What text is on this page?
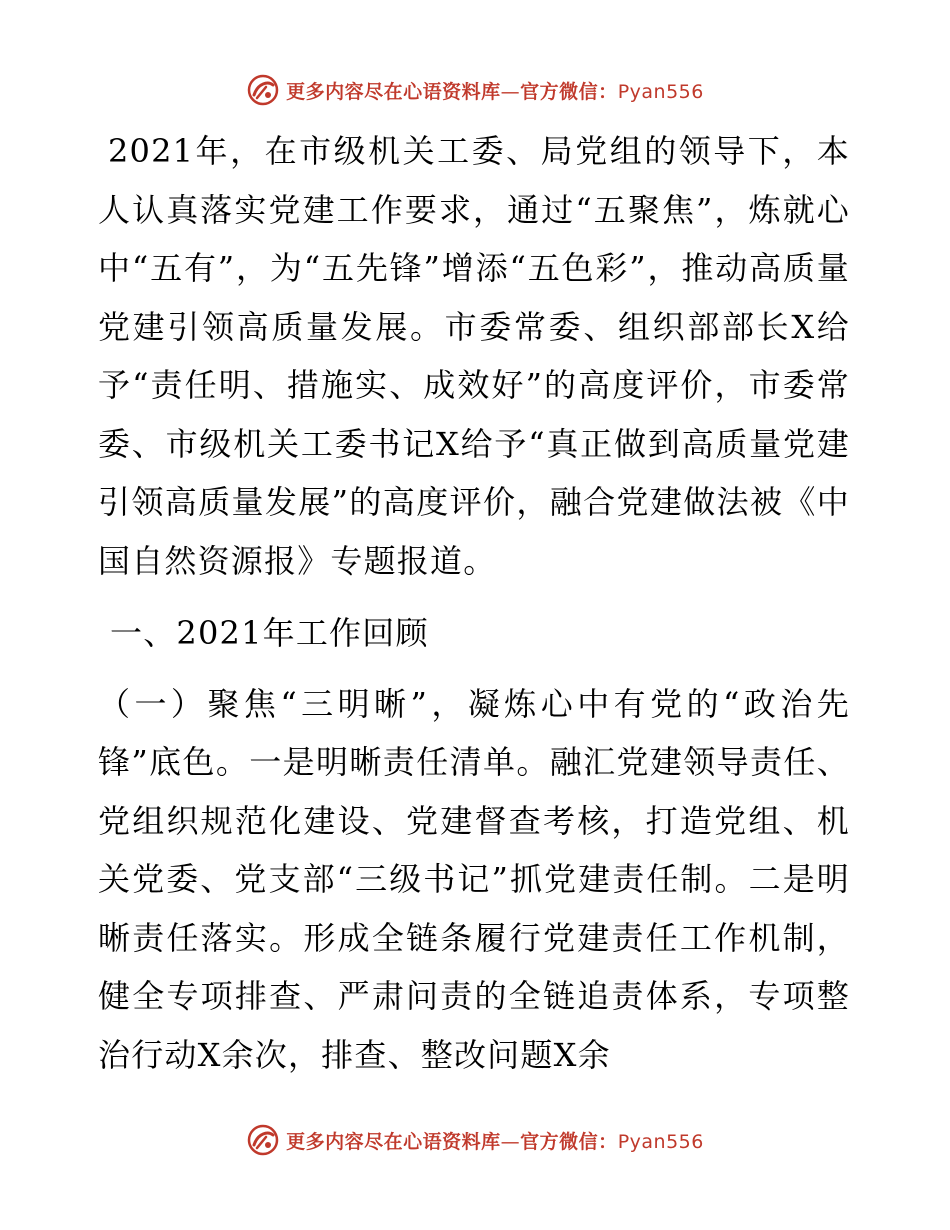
更多内容尽在心语资料库—官方微信：Pyan556

2021年，在市级机关工委、局党组的领导下，本人认真落实党建工作要求，通过“五聚焦”，炼就心中“五有”，为“五先锋”增添“五色彩”，推动高质量党建引领高质量发展。市委常委、组织部部长X给予“责任明、措施实、成效好”的高度评价，市委常委、市级机关工委书记X给予“真正做到高质量党建引领高质量发展”的高度评价，融合党建做法被《中国自然资源报》专题报道。

一、2021年工作回顾

（一）聚焦“三明晰”，凝炼心中有党的“政治先锋”底色。一是明晰责任清单。融汇党建领导责任、党组织规范化建设、党建督查考核，打造党组、机关党委、党支部“三级书记”抓党建责任制。二是明晰责任落实。形成全链条履行党建责任工作机制，健全专项排查、严肃问责的全链追责体系，专项整治行动X余次，排查、整改问题X余

更多内容尽在心语资料库—官方微信：Pyan556
